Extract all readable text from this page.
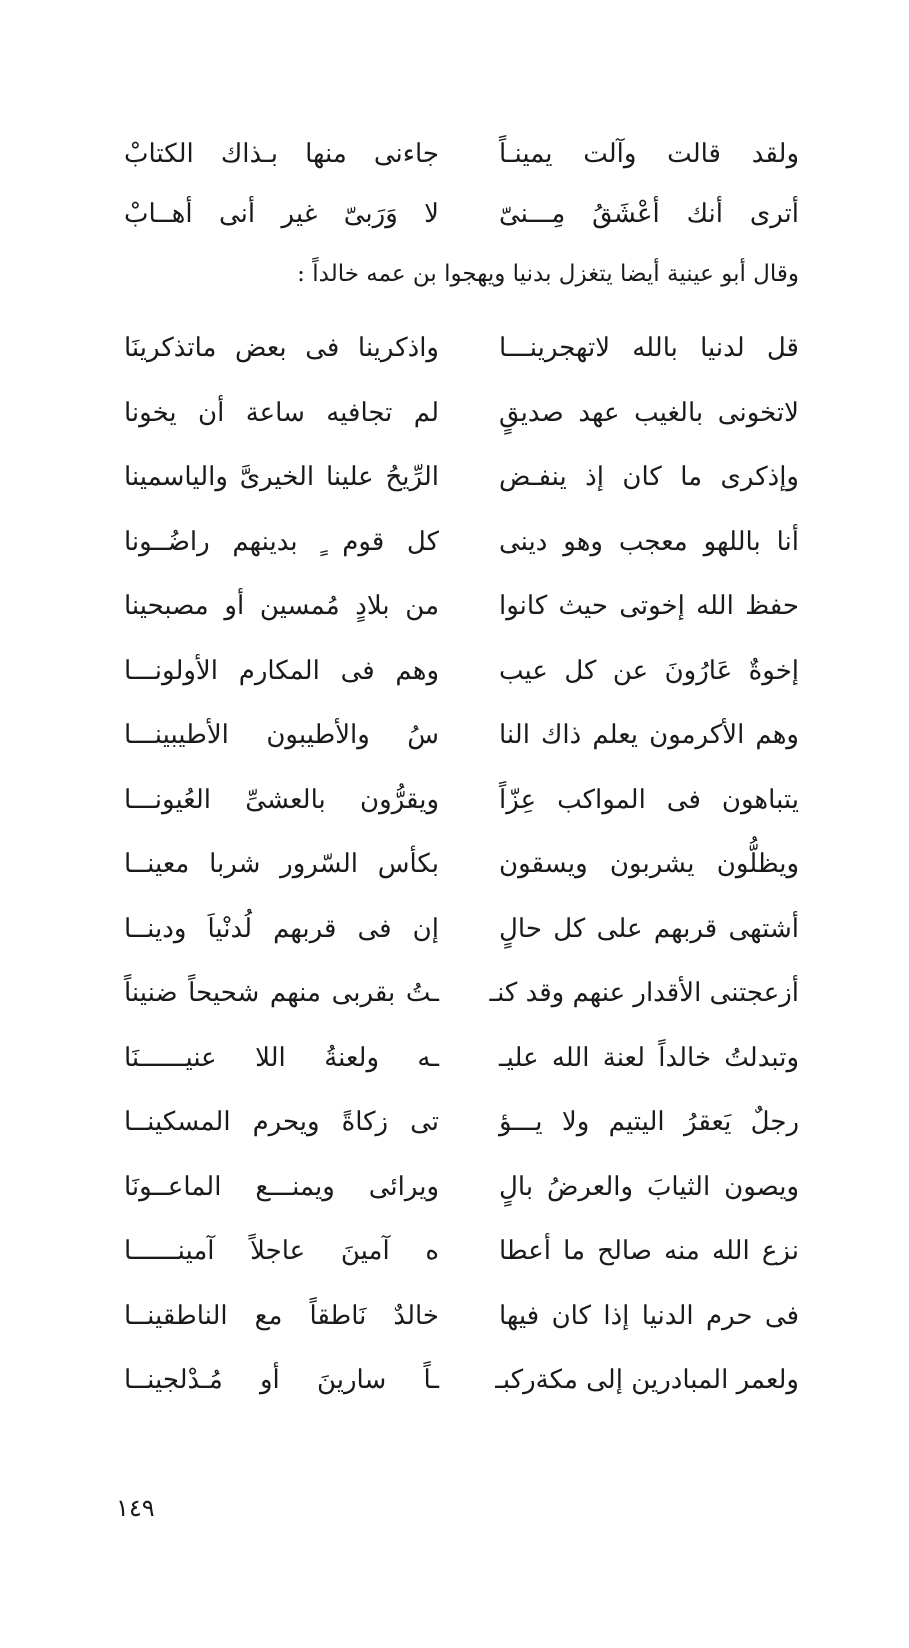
ولقد قالت وآلت يمينـاً
جاءنى منها بـذاك الكتابْ
أترى أنك أعْشَقُ مِـــنىّ
لا وَرَبىّ غير أنى أهــابْ
وقال أبو عينية أيضا يتغزل بدنيا ويهجوا بن عمه خالداً :
قل لدنيا بالله لاتهجرينـــا
واذكرينا فى بعض ماتذكرينَا
لاتخونى بالغيب عهد صديقٍ
لم تجافيه ساعة أن يخونا
وإذكرى ما كان إذ ينفـض
الرِّيحُ علينا الخيرىَّ والياسمينا
أنا باللهو معجب وهو دينى
كل قوم ٍ بدينهم راضُــونا
حفظ الله إخوتى حيث كانوا
من بلادٍ مُمسين أو مصبحينا
إخوةٌ عَارُونَ عن كل عيب
وهم فى المكارم الأولونـــا
وهم الأكرمون يعلم ذاك النا
سُ والأطيبون الأطيبينـــا
يتباهون فى المواكب عِزّاً
ويقرُّون بالعشىِّ العُيونـــا
ويظلُّون يشربون ويسقون
بكأس السّرور شربا معينــا
أشتهى قربهم على كل حالٍ
إن فى قربهم لُدنْياَ ودينــا
أزعجتنى الأقدار عنهم وقد كنـ
ـتُ بقربى منهم شحيحاً ضنيناً
وتبدلتُ خالداً لعنة الله عليـ
ـه ولعنةُ اللا عنيــــــنَا
رجلٌ يَعقرُ اليتيم ولا يـــؤ
تى زكاةً ويحرم المسكينــا
ويصون الثيابَ والعرضُ بالٍ
ويرائى ويمنـــع الماعــونَا
نزع الله منه صالح ما أعطا
ه آمينَ عاجلاً آمينــــــا
فى حرم الدنيا إذا كان فيها
خالدٌ نَاطقاً مع الناطقينــا
ولعمر المبادرين إلى مكةركبـ
ـاً سارينَ أو مُـدْلجينــا
١٤٩
